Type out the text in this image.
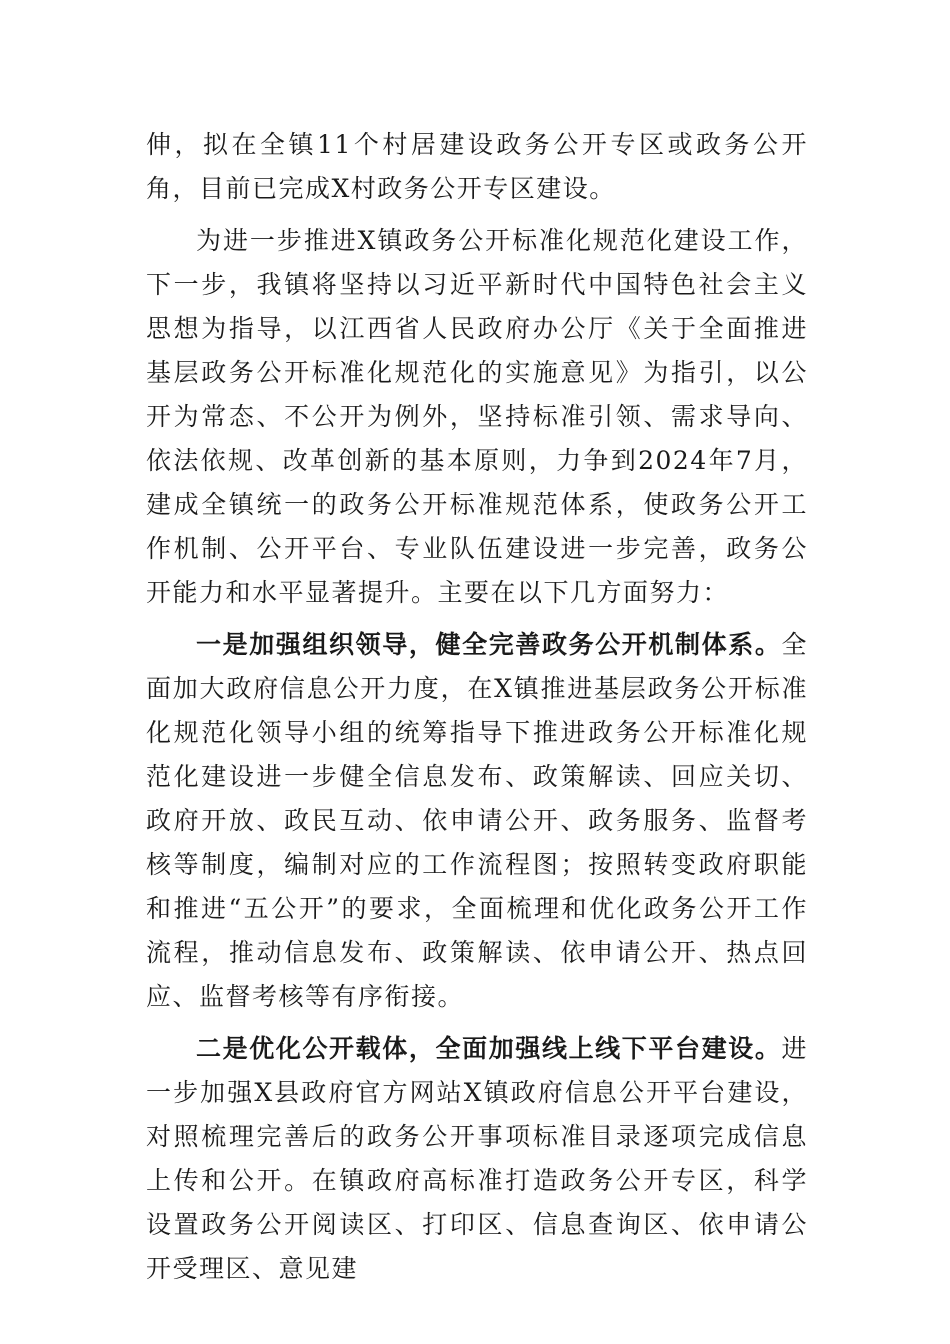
伸，拟在全镇11个村居建设政务公开专区或政务公开角，目前已完成X村政务公开专区建设。

为进一步推进X镇政务公开标准化规范化建设工作，下一步，我镇将坚持以习近平新时代中国特色社会主义思想为指导，以江西省人民政府办公厅《关于全面推进基层政务公开标准化规范化的实施意见》为指引，以公开为常态、不公开为例外，坚持标准引领、需求导向、依法依规、改革创新的基本原则，力争到2024年7月，建成全镇统一的政务公开标准规范体系，使政务公开工作机制、公开平台、专业队伍建设进一步完善，政务公开能力和水平显著提升。主要在以下几方面努力：

一是加强组织领导，健全完善政务公开机制体系。全面加大政府信息公开力度，在X镇推进基层政务公开标准化规范化领导小组的统筹指导下推进政务公开标准化规范化建设进一步健全信息发布、政策解读、回应关切、政府开放、政民互动、依申请公开、政务服务、监督考核等制度，编制对应的工作流程图；按照转变政府职能和推进“五公开”的要求，全面梳理和优化政务公开工作流程，推动信息发布、政策解读、依申请公开、热点回应、监督考核等有序衔接。

二是优化公开载体，全面加强线上线下平台建设。进一步加强X县政府官方网站X镇政府信息公开平台建设，对照梳理完善后的政务公开事项标准目录逐项完成信息上传和公开。在镇政府高标准打造政务公开专区，科学设置政务公开阅读区、打印区、信息查询区、依申请公开受理区、意见建
